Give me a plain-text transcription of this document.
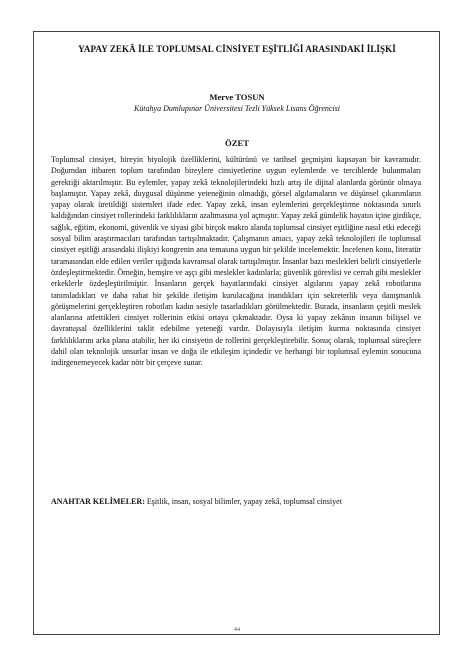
YAPAY ZEKÂ İLE TOPLUMSAL CİNSİYET EŞİTLİĞİ ARASINDAKİ İLİŞKİ
Merve TOSUN
Kütahya Dumlupınar Üniversitesi Tezli Yüksek Lisans Öğrencisi
ÖZET

Toplumsal cinsiyet, bireyin biyolojik özelliklerini, kültürünü ve tarihsel geçmişini kapsayan bir kavramıdır. Doğumdan itibaren toplum tarafından bireylere cinsiyetlerine uygun eylemlerde ve tercihlerde bulunmaları gerektiği aktarılmıştır. Bu eylemler, yapay zekâ teknolojilerindeki hızlı artış ile dijital alanlarda görünür olmaya başlamıştır. Yapay zekâ, duygusal düşünme yeteneğinin olmadığı, görsel algılamaların ve düşünsel çıkarımların yapay olarak üretildiği sistemleri ifade eder. Yapay zekâ, insan eylemlerini gerçekleştirme noktasında sınırlı kaldığından cinsiyet rollerindeki farklılıkların azaltmasına yol açmıştır. Yapay zekâ gündelik hayatın içine girdikçe, sağlık, eğitim, ekonomi, güvenlik ve siyasi gibi birçok makro alanda toplumsal cinsiyet eşitliğine nasıl etki edeceği sosyal bilim araştırmacıları tarafından tartışılmaktadır. Çalışmanın amacı, yapay zekâ teknolojileri ile toplumsal cinsiyet eşitliği arasındaki ilişkiyi kongrenin ana temasına uygun bir şekilde incelemektir. İncelenen konu, literatür taramasından elde edilen veriler ışığında kavramsal olarak tartışılmıştır. İnsanlar bazı meslekleri belirli cinsiyetlerle özdeşleştirmektedir. Örneğin, hemşire ve aşçı gibi meslekler kadınlarla; güvenlik görevlisi ve cerrah gibi meslekler erkeklerle özdeşleştirilmiştir. İnsanların gerçek hayatlarındaki cinsiyet algılarını yapay zekâ robotlarına tanımladıkları ve daha rahat bir şekilde iletişim kurulacağına inandıkları için sekreterlik veya danışmanlık görüşmelerini gerçekleştiren robotları kadın sesiyle tasarladıkları görülmektedir. Burada, insanların çeşitli meslek alanlarına atfettikleri cinsiyet rollerinin etkisi ortaya çıkmaktadır. Oysa ki yapay zekânın insanın bilişsel ve davranışsal özelliklerini taklit edebilme yeteneği vardır. Dolayısıyla iletişim kurma noktasında cinsiyet farklılıklarını arka plana atabilir, her iki cinsiyetin de rollerini gerçekleştirebilir. Sonuç olarak, toplumsal süreçlere dahil olan teknolojik unsurlar insan ve doğa ile etkileşim içindedir ve herhangi bir toplumsal eylemin sonucuna indirgenemeyecek kadar nötr bir çerçeve sunar.

ANAHTAR KELİMELER: Eşitlik, insan, sosyal bilimler, yapay zekâ, toplumsal cinsiyet
44
